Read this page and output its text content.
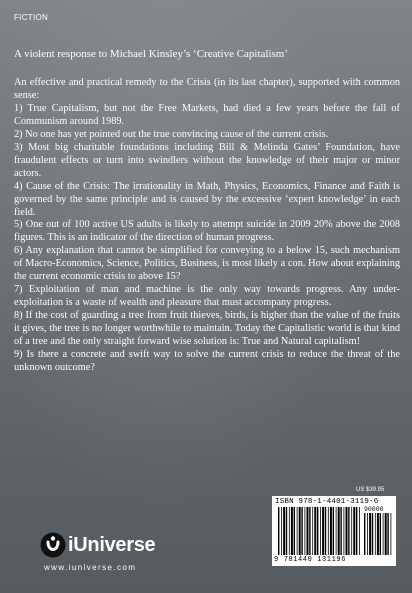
FICTION
A violent response to Michael Kinsley’s ‘Creative Capitalism’

An effective and practical remedy to the Crisis (in its last chapter), supported with common sense:

1) True Capitalism, but not the Free Markets, had died a few years before the fall of Communism around 1989.

2) No one has yet pointed out the true convincing cause of the current crisis.

3) Most big charitable foundations including Bill & Melinda Gates’ Foundation, have fraudulent effects or turn into swindlers without the knowledge of their major or minor actors.

4) Cause of the Crisis: The irrationality in Math, Physics, Economics, Finance and Faith is governed by the same principle and is caused by the excessive ‘expert knowledge’ in each field.

5) One out of 100 active US adults is likely to attempt suicide in 2009 20% above the 2008 figures. This is an indicator of the direction of human progress.

6) Any explanation that cannot be simplified for conveying to a below 15, such mechanism of Macro-Economics, Science, Politics, Business, is most likely a con. How about explaining the current economic crisis to above 15?

7) Exploitation of man and machine is the only way towards progress. Any under-exploitation is a waste of wealth and pleasure that must accompany progress.

8) If the cost of guarding a tree from fruit thieves, birds, is higher than the value of the fruits it gives, the tree is no longer worthwhile to maintain. Today the Capitalistic world is that kind of a tree and the only straight forward wise solution is: True and Natural capitalism!

9) Is there a concrete and swift way to solve the current crisis to reduce the threat of the unknown outcome?

US $39.95
ISBN 978-1-4401-3119-6
90000
9 781440 131196
iUniverse
www.iuniverse.com
